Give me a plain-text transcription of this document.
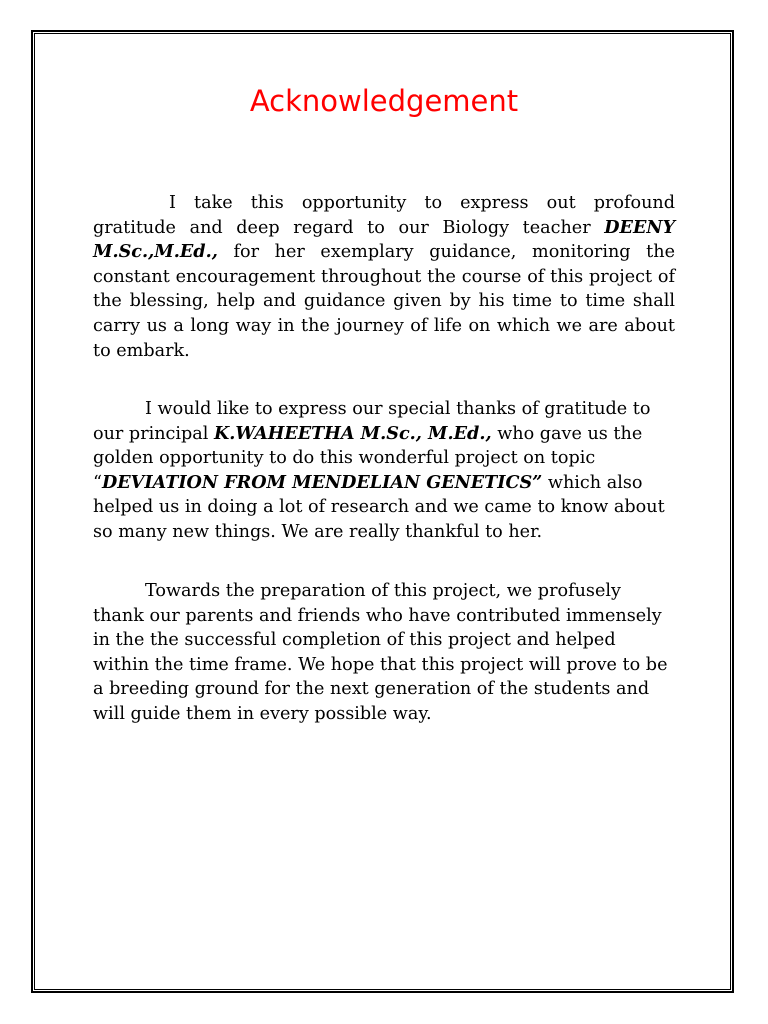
Acknowledgement

I take this opportunity to express out profound gratitude and deep regard to our Biology teacher DEENY M.Sc.,M.Ed., for her exemplary guidance, monitoring the constant encouragement throughout the course of this project of the blessing, help and guidance given by his time to time shall carry us a long way in the journey of life on which we are about to embark.

I would like to express our special thanks of gratitude to our principal K.WAHEETHA M.Sc., M.Ed., who gave us the golden opportunity to do this wonderful project on topic “DEVIATION FROM MENDELIAN GENETICS” which also helped us in doing a lot of research and we came to know about so many new things. We are really thankful to her.

Towards the preparation of this project, we profusely thank our parents and friends who have contributed immensely in the the successful completion of this project and helped within the time frame. We hope that this project will prove to be a breeding ground for the next generation of the students and will guide them in every possible way.
